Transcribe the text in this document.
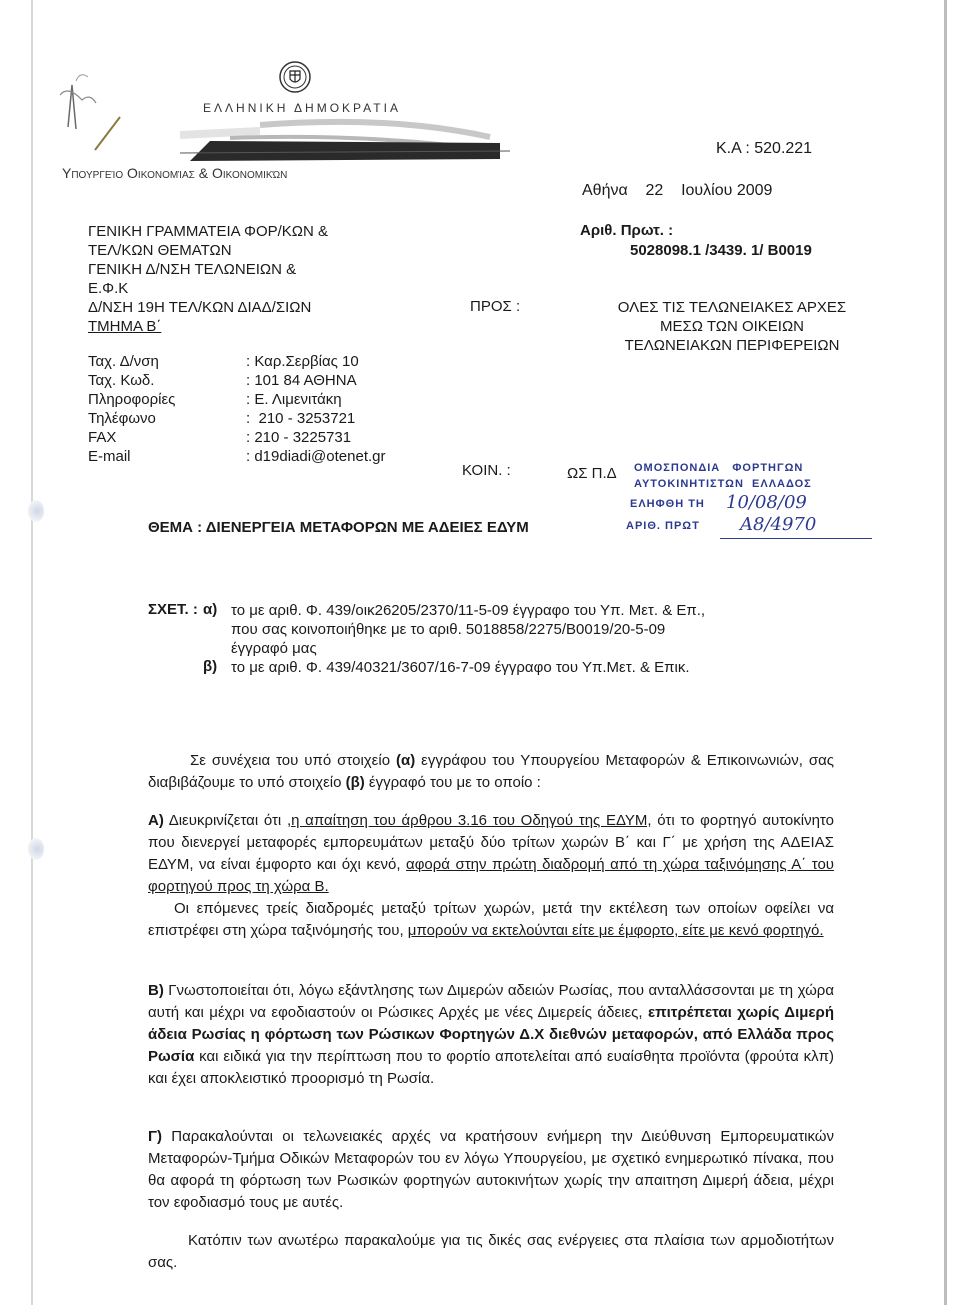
ΕΛΛΗΝΙΚΗ ΔΗΜΟΚΡΑΤΙΑ
Υπουργείο Οικονομίας & Οικονομικών
Κ.Α : 520.221
Αθήνα    22    Ιουλίου 2009
ΓΕΝΙΚΗ ΓΡΑΜΜΑΤΕΙΑ ΦΟΡ/ΚΩΝ &
ΤΕΛ/ΚΩΝ ΘΕΜΑΤΩΝ
ΓΕΝΙΚΗ Δ/ΝΣΗ ΤΕΛΩΝΕΙΩΝ &
Ε.Φ.Κ
Δ/ΝΣΗ 19Η ΤΕΛ/ΚΩΝ ΔΙΑΔ/ΣΙΩΝ
ΤΜΗΜΑ Β΄
Ταχ. Δ/νση	: Καρ.Σερβίας 10
Ταχ. Κωδ.	: 101 84 ΑΘΗΝΑ
Πληροφορίες	: Ε. Λιμενιτάκη
Τηλέφωνο	:  210 - 3253721
FAX	: 210 - 3225731
E-mail	: d19diadi@otenet.gr
Αριθ. Πρωτ. :
5028098.1 /3439. 1/ Β0019
ΠΡΟΣ :	ΟΛΕΣ ΤΙΣ ΤΕΛΩΝΕΙΑΚΕΣ ΑΡΧΕΣ
ΜΕΣΩ ΤΩΝ ΟΙΚΕΙΩΝ
ΤΕΛΩΝΕΙΑΚΩΝ ΠΕΡΙΦΕΡΕΙΩΝ
ΚΟΙΝ. :	ΩΣ Π.Δ ΟΜΟΣΠΟΝΔΙΑ   ΦΟΡΤΗΓΩΝ
ΑΥΤΟΚΙΝΗΤΙΣΤΩΝ  ΕΛΛΑΔΟΣ
ΕΛΗΦΘΗ ΤΗ 10/08/09
ΑΡΙΘ. ΠΡΩΤ Α8/4970
ΘΕΜΑ : ΔΙΕΝΕΡΓΕΙΑ ΜΕΤΑΦΟΡΩΝ ΜΕ ΑΔΕΙΕΣ ΕΔΥΜ
ΣΧΕΤ. : α) το με αριθ. Φ. 439/οικ26205/2370/11-5-09 έγγραφο του Υπ. Μετ. & Επ.,
που σας κοινοποιήθηκε με το αριθ. 5018858/2275/Β0019/20-5-09
έγγραφό μας
β) το με αριθ. Φ. 439/40321/3607/16-7-09 έγγραφο του Υπ.Μετ. & Επικ.

Σε συνέχεια του υπό στοιχείο (α) εγγράφου του Υπουργείου Μεταφορών & Επικοινωνιών, σας διαβιβάζουμε το υπό στοιχείο (β) έγγραφό του με το οποίο :

Α) Διευκρινίζεται ότι ,η απαίτηση του άρθρου 3.16 του Οδηγού της ΕΔΥΜ, ότι το φορτηγό αυτοκίνητο που διενεργεί μεταφορές εμπορευμάτων μεταξύ δύο τρίτων χωρών Β΄ και Γ΄ με χρήση της ΑΔΕΙΑΣ ΕΔΥΜ, να είναι έμφορτο και όχι κενό, αφορά στην πρώτη διαδρομή από τη χώρα ταξινόμησης Α΄ του φορτηγού προς τη χώρα Β.

Οι επόμενες τρείς διαδρομές μεταξύ τρίτων χωρών, μετά την εκτέλεση των οποίων οφείλει να επιστρέφει στη χώρα ταξινόμησής του, μπορούν να εκτελούνται είτε με έμφορτο, είτε με κενό φορτηγό.

Β) Γνωστοποιείται ότι, λόγω εξάντλησης των Διμερών αδειών Ρωσίας, που ανταλλάσσονται με τη χώρα αυτή και μέχρι να εφοδιαστούν οι Ρώσικες Αρχές με νέες Διμερείς άδειες, επιτρέπεται χωρίς Διμερή άδεια Ρωσίας η φόρτωση των Ρώσικων Φορτηγών Δ.Χ διεθνών μεταφορών, από Ελλάδα προς Ρωσία και ειδικά για την περίπτωση που το φορτίο αποτελείται από ευαίσθητα προϊόντα (φρούτα κλπ) και έχει αποκλειστικό προορισμό τη Ρωσία.

Γ) Παρακαλούνται οι τελωνειακές αρχές να κρατήσουν ενήμερη την Διεύθυνση Εμπορευματικών Μεταφορών-Τμήμα Οδικών Μεταφορών του εν λόγω Υπουργείου, με σχετικό ενημερωτικό πίνακα, που θα αφορά τη φόρτωση των Ρωσικών φορτηγών αυτοκινήτων χωρίς την απαιτηση Διμερή άδεια, μέχρι τον εφοδιασμό τους με αυτές.

Κατόπιν των ανωτέρω παρακαλούμε για τις δικές σας ενέργειες στα πλαίσια των αρμοδιοτήτων σας.
